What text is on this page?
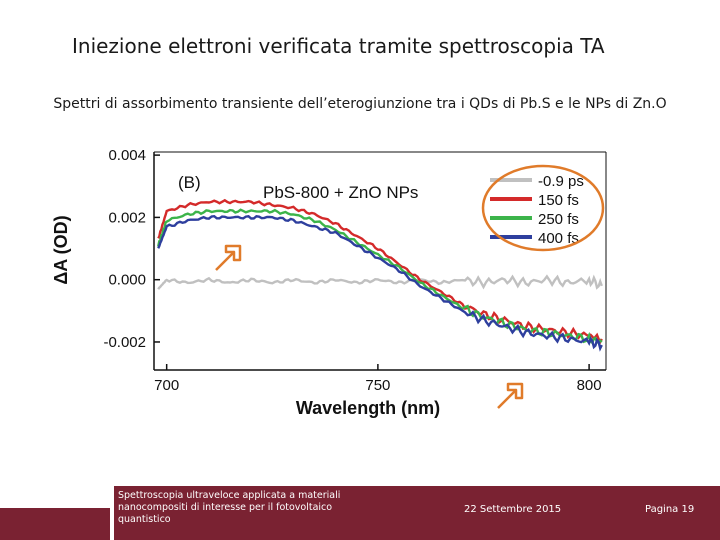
Iniezione elettroni verificata tramite spettroscopia TA
Spettri di assorbimento transiente dell’eterogiunzione tra i QDs di Pb.S e le NPs di Zn.O
0.004
0.002
0.000
-0.002
700	750	800
-0.9 ps
150 fs
250 fs
400 fs
(B)
PbS-800 + ZnO NPs
Wavelength (nm)
ΔA (OD)
Spettroscopia ultraveloce applicata a materiali nanocompositi di interesse per il fotovoltaico quantistico
22 Settembre 2015	Pagina 19
